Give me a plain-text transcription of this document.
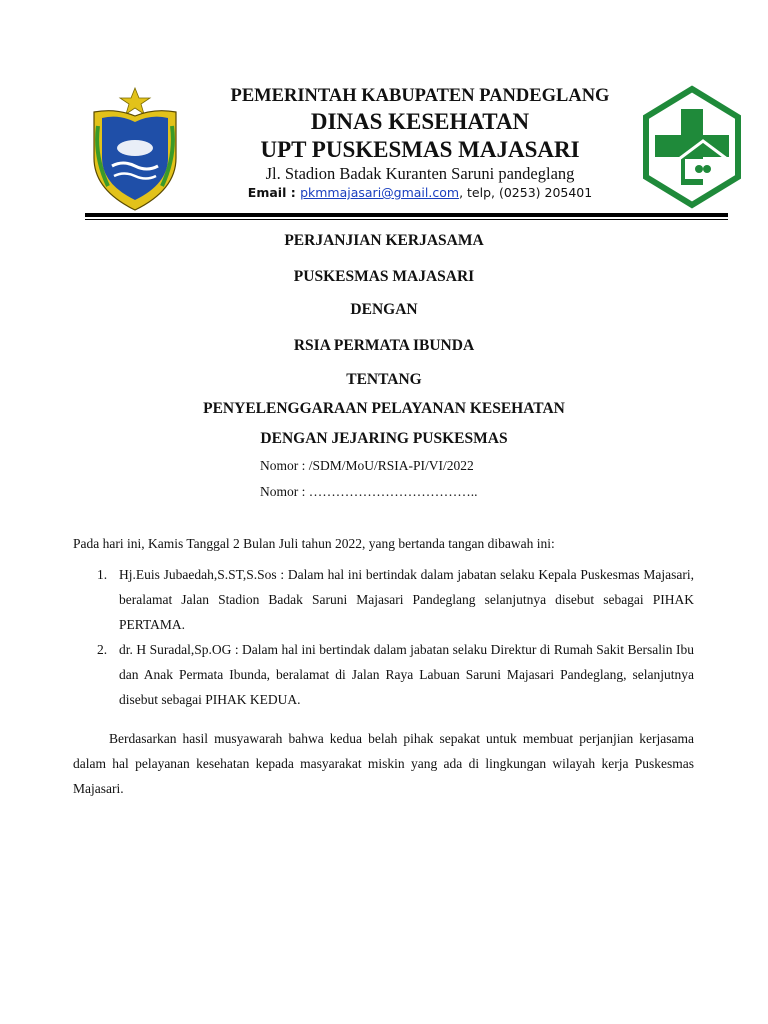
PEMERINTAH KABUPATEN PANDEGLANG
DINAS KESEHATAN
UPT PUSKESMAS MAJASARI
Jl. Stadion Badak Kuranten Saruni pandeglang
Email : pkmmajasari@gmail.com, telp, (0253) 205401
PERJANJIAN KERJASAMA
PUSKESMAS MAJASARI
DENGAN
RSIA PERMATA IBUNDA
TENTANG
PENYELENGGARAAN PELAYANAN KESEHATAN
DENGAN JEJARING PUSKESMAS
Nomor : /SDM/MoU/RSIA-PI/VI/2022
Nomor : ………………………………..
Pada hari ini, Kamis Tanggal 2 Bulan Juli tahun 2022, yang bertanda tangan dibawah ini:
1. Hj.Euis Jubaedah,S.ST,S.Sos : Dalam hal ini bertindak dalam jabatan selaku Kepala Puskesmas Majasari, beralamat Jalan Stadion Badak Saruni Majasari Pandeglang selanjutnya disebut sebagai PIHAK PERTAMA.
2. dr. H Suradal,Sp.OG : Dalam hal ini bertindak dalam jabatan selaku Direktur di Rumah Sakit Bersalin Ibu dan Anak Permata Ibunda, beralamat di Jalan Raya Labuan Saruni Majasari Pandeglang, selanjutnya disebut sebagai PIHAK KEDUA.
Berdasarkan hasil musyawarah bahwa kedua belah pihak sepakat untuk membuat perjanjian kerjasama dalam hal pelayanan kesehatan kepada masyarakat miskin yang ada di lingkungan wilayah kerja Puskesmas Majasari.
